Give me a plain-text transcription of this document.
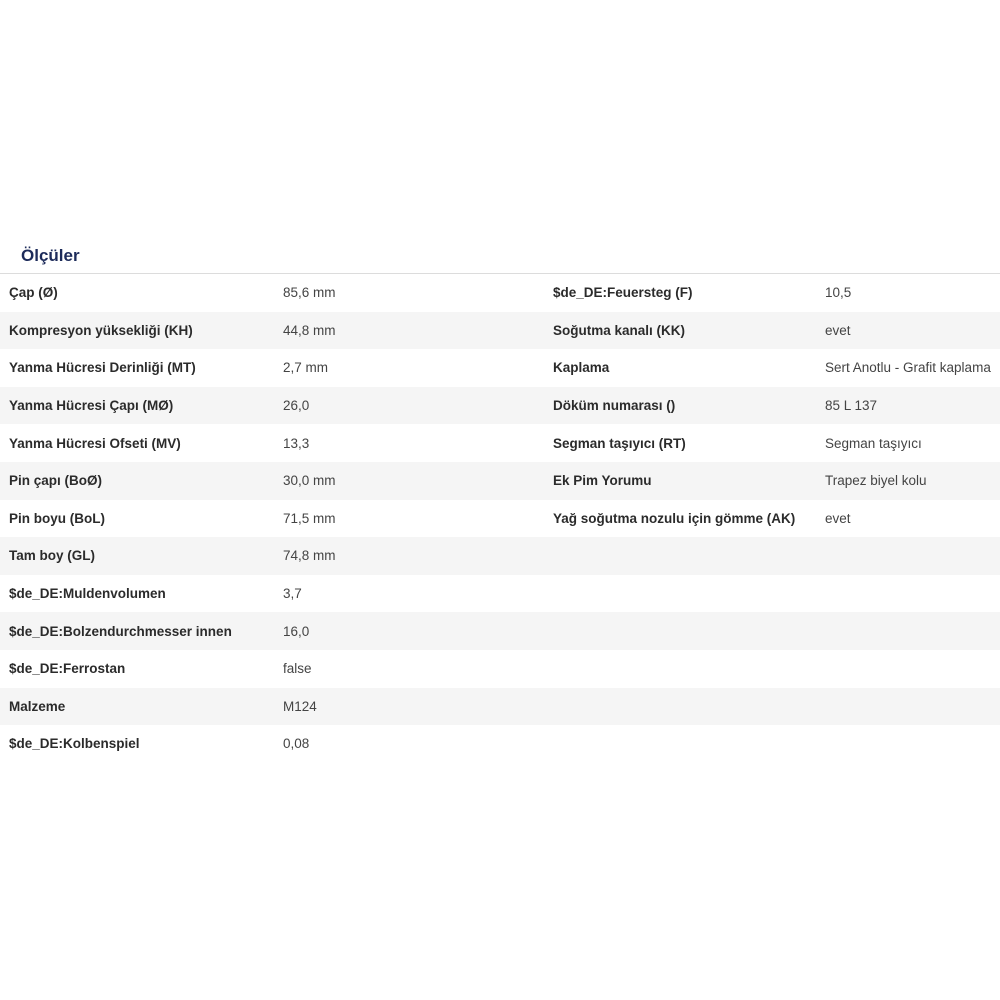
Ölçüler
Çap (Ø)	85,6 mm	$de_DE:Feuersteg (F)	10,5
Kompresyon yüksekliği (KH)	44,8 mm	Soğutma kanalı (KK)	evet
Yanma Hücresi Derinliği (MT)	2,7 mm	Kaplama	Sert Anotlu - Grafit kaplama
Yanma Hücresi Çapı (MØ)	26,0	Döküm numarası ()	85 L 137
Yanma Hücresi Ofseti (MV)	13,3	Segman taşıyıcı (RT)	Segman taşıyıcı
Pin çapı (BoØ)	30,0 mm	Ek Pim Yorumu	Trapez biyel kolu
Pin boyu (BoL)	71,5 mm	Yağ soğutma nozulu için gömme (AK)	evet
Tam boy (GL)	74,8 mm
$de_DE:Muldenvolumen	3,7
$de_DE:Bolzendurchmesser innen	16,0
$de_DE:Ferrostan	false
Malzeme	M124
$de_DE:Kolbenspiel	0,08
